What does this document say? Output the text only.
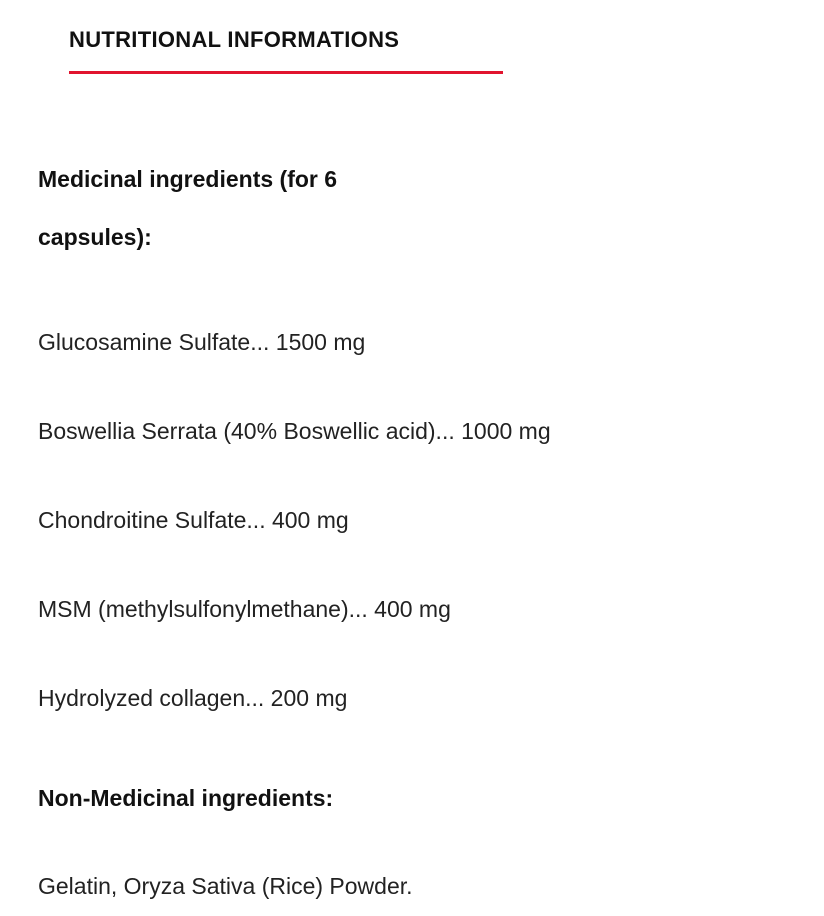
NUTRITIONAL INFORMATIONS
Medicinal ingredients (for 6 capsules):
Glucosamine Sulfate... 1500 mg
Boswellia Serrata (40% Boswellic acid)... 1000 mg
Chondroitine Sulfate... 400 mg
MSM (methylsulfonylmethane)... 400 mg
Hydrolyzed collagen... 200 mg
Non-Medicinal ingredients:
Gelatin, Oryza Sativa (Rice) Powder.
